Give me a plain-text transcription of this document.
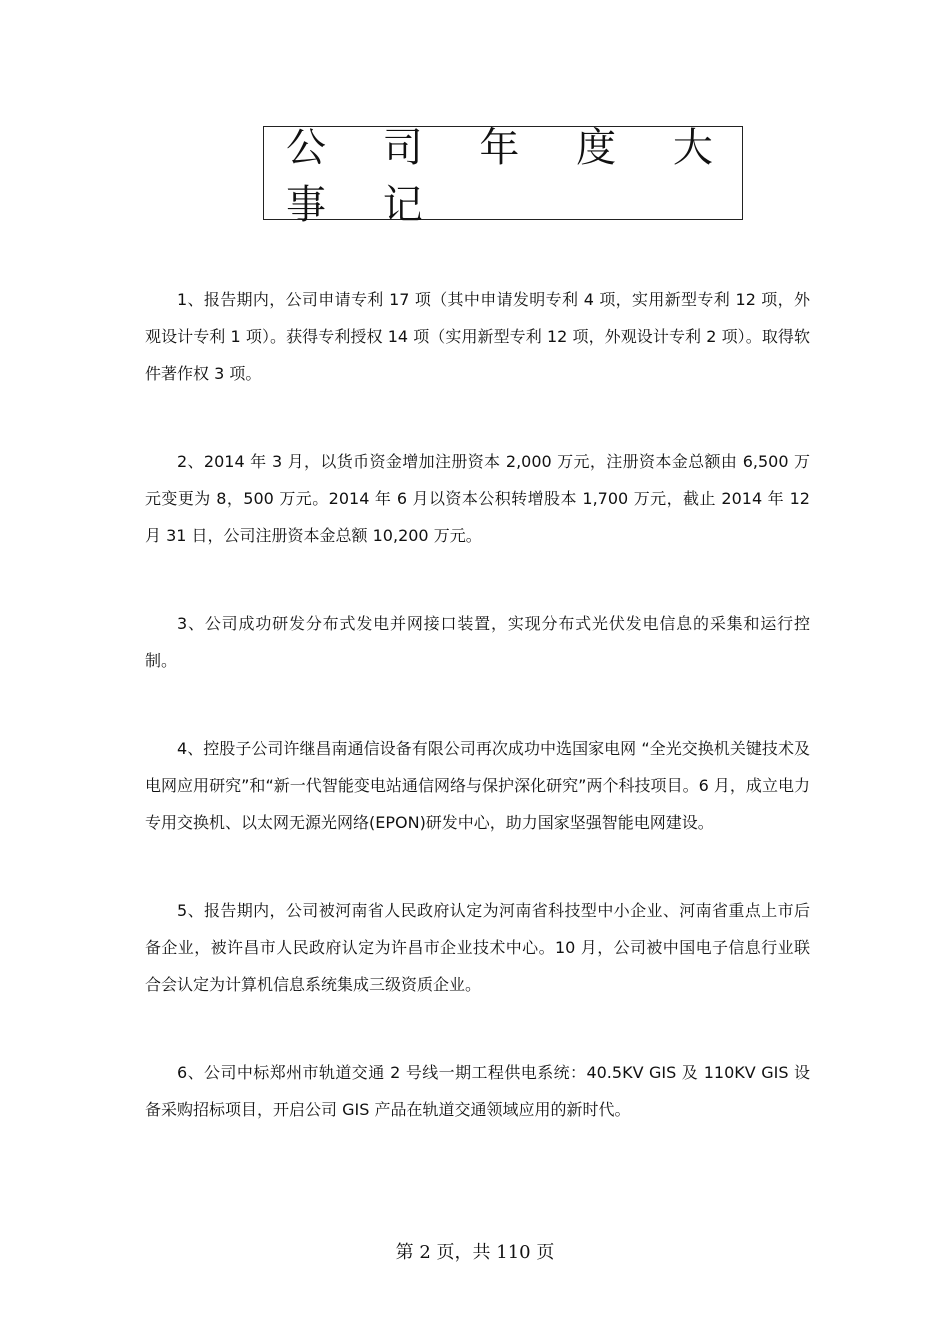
公 司 年 度 大 事 记

1、报告期内，公司申请专利 17 项（其中申请发明专利 4 项，实用新型专利 12 项，外观设计专利 1 项）。获得专利授权 14 项（实用新型专利 12 项，外观设计专利 2 项）。取得软件著作权 3 项。

2、2014 年 3 月，以货币资金增加注册资本 2,000 万元，注册资本金总额由 6,500 万元变更为 8，500 万元。2014 年 6 月以资本公积转增股本 1,700 万元，截止 2014 年 12 月 31 日，公司注册资本金总额 10,200 万元。

3、公司成功研发分布式发电并网接口装置，实现分布式光伏发电信息的采集和运行控制。

4、控股子公司许继昌南通信设备有限公司再次成功中选国家电网 “全光交换机关键技术及电网应用研究”和“新一代智能变电站通信网络与保护深化研究”两个科技项目。6 月，成立电力专用交换机、以太网无源光网络(EPON)研发中心，助力国家坚强智能电网建设。

5、报告期内，公司被河南省人民政府认定为河南省科技型中小企业、河南省重点上市后备企业，被许昌市人民政府认定为许昌市企业技术中心。10 月，公司被中国电子信息行业联合会认定为计算机信息系统集成三级资质企业。

6、公司中标郑州市轨道交通 2 号线一期工程供电系统：40.5KV GIS 及 110KV GIS 设备采购招标项目，开启公司 GIS 产品在轨道交通领域应用的新时代。

第 2 页，共 110 页
